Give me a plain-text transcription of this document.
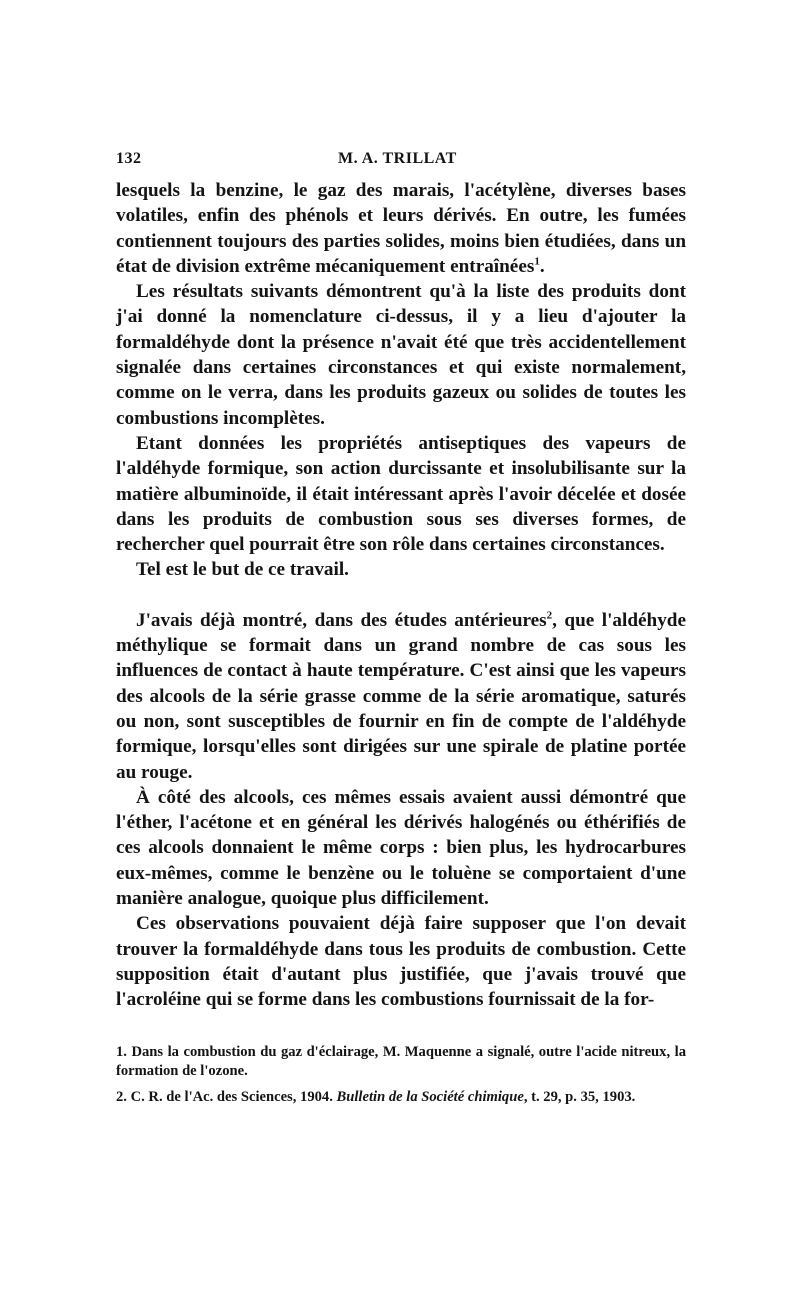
132	M. A. TRILLAT

lesquels la benzine, le gaz des marais, l'acétylène, diverses bases volatiles, enfin des phénols et leurs dérivés. En outre, les fumées contiennent toujours des parties solides, moins bien étudiées, dans un état de division extrême mécaniquement entraînées$^1$.

Les résultats suivants démontrent qu'à la liste des produits dont j'ai donné la nomenclature ci-dessus, il y a lieu d'ajouter la formaldéhyde dont la présence n'avait été que très accidentellement signalée dans certaines circonstances et qui existe normalement, comme on le verra, dans les produits gazeux ou solides de toutes les combustions incomplètes.

Etant données les propriétés antiseptiques des vapeurs de l'aldéhyde formique, son action durcissante et insolubilisante sur la matière albuminoïde, il était intéressant après l'avoir décelée et dosée dans les produits de combustion sous ses diverses formes, de rechercher quel pourrait être son rôle dans certaines circonstances.

Tel est le but de ce travail.

J'avais déjà montré, dans des études antérieures$^2$, que l'aldéhyde méthylique se formait dans un grand nombre de cas sous les influences de contact à haute température. C'est ainsi que les vapeurs des alcools de la série grasse comme de la série aromatique, saturés ou non, sont susceptibles de fournir en fin de compte de l'aldéhyde formique, lorsqu'elles sont dirigées sur une spirale de platine portée au rouge.

À côté des alcools, ces mêmes essais avaient aussi démontré que l'éther, l'acétone et en général les dérivés halogénés ou éthérifiés de ces alcools donnaient le même corps : bien plus, les hydrocarbures eux-mêmes, comme le benzène ou le toluène se comportaient d'une manière analogue, quoique plus difficilement.

Ces observations pouvaient déjà faire supposer que l'on devait trouver la formaldéhyde dans tous les produits de combustion. Cette supposition était d'autant plus justifiée, que j'avais trouvé que l'acroléine qui se forme dans les combustions fournissait de la for-

1. Dans la combustion du gaz d'éclairage, M. Maquenne a signalé, outre l'acide nitreux, la formation de l'ozone.

2. C. R. de l'Ac. des Sciences, 1904. Bulletin de la Société chimique, t. 29, p. 35, 1903.
